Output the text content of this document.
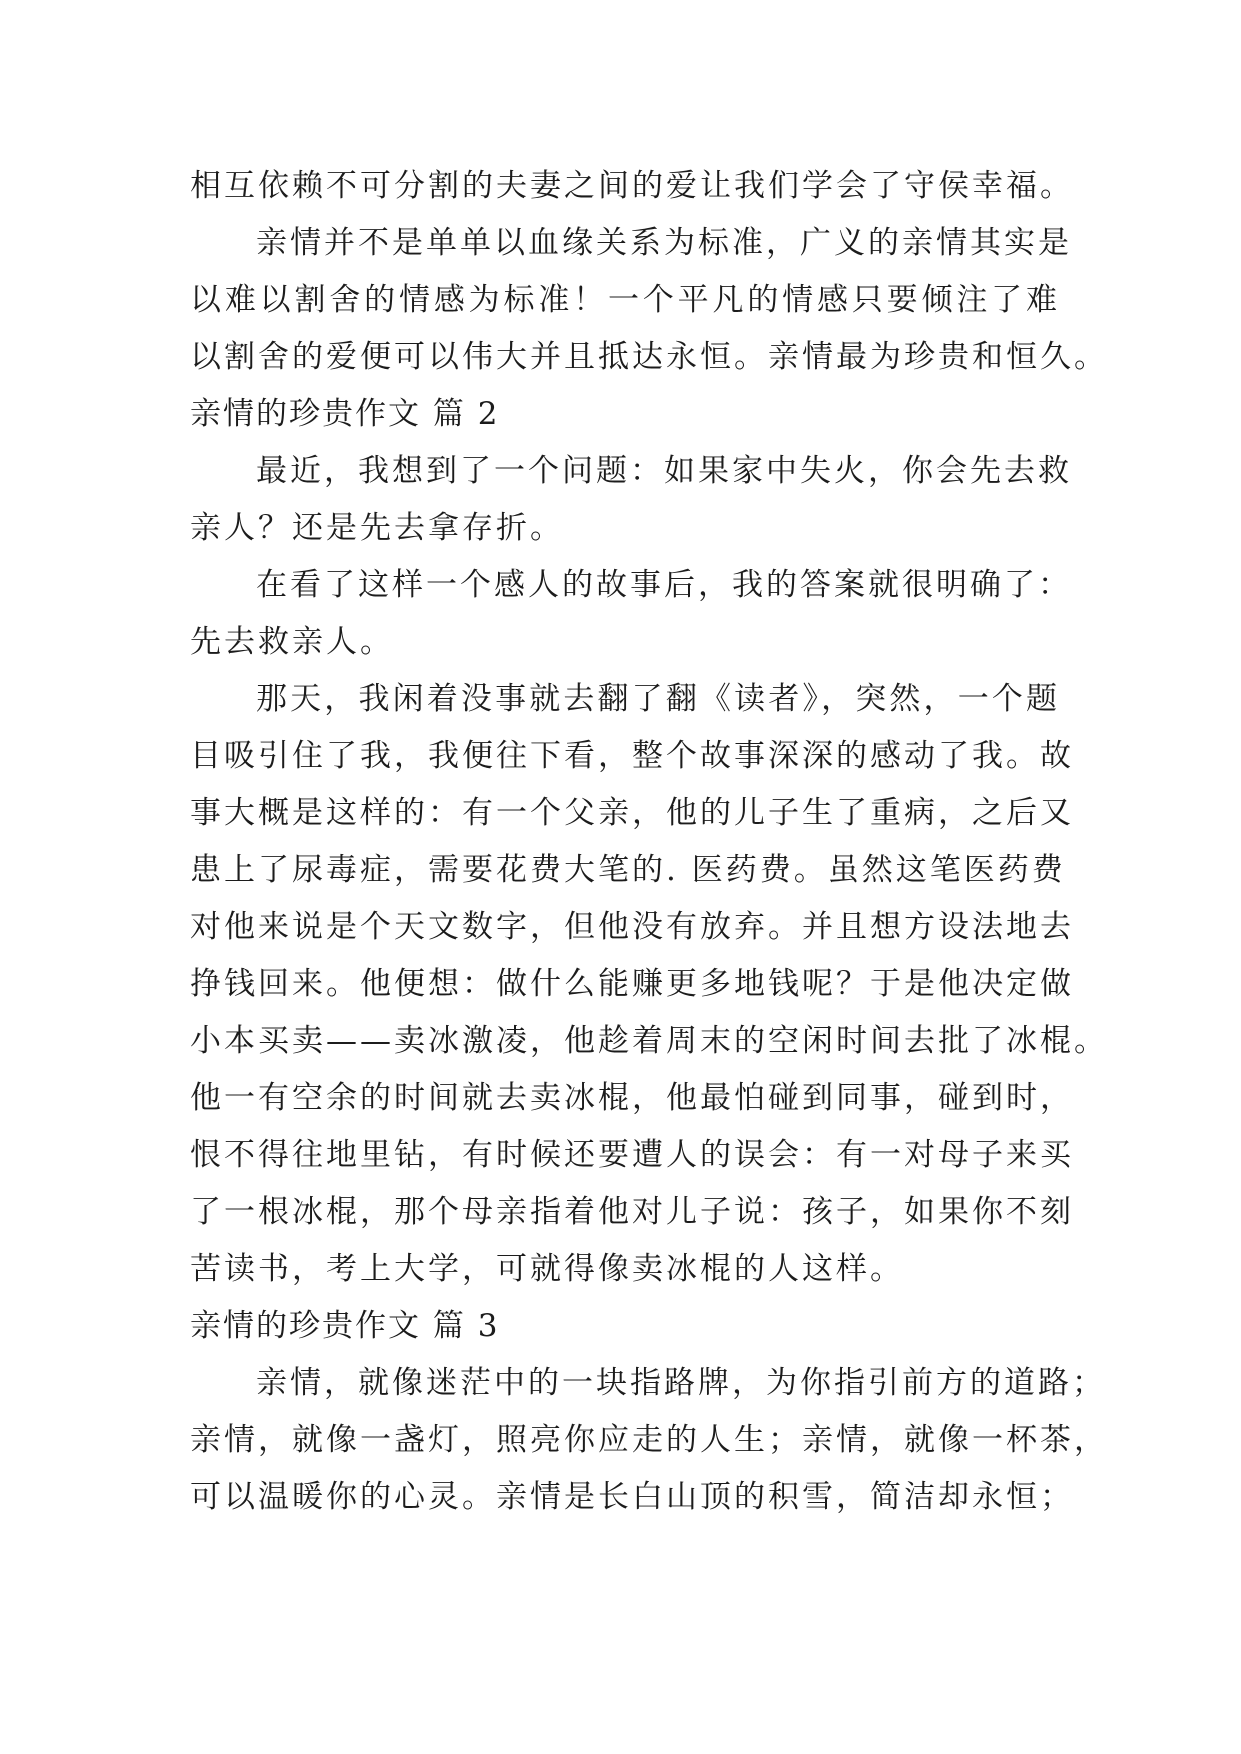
相互依赖不可分割的夫妻之间的爱让我们学会了守侯幸福。
亲情并不是单单以血缘关系为标准，广义的亲情其实是
以难以割舍的情感为标准！一个平凡的情感只要倾注了难
以割舍的爱便可以伟大并且抵达永恒。亲情最为珍贵和恒久。
亲情的珍贵作文 篇 2
最近，我想到了一个问题：如果家中失火，你会先去救
亲人？还是先去拿存折。
在看了这样一个感人的故事后，我的答案就很明确了：
先去救亲人。
那天，我闲着没事就去翻了翻《读者》，突然，一个题
目吸引住了我，我便往下看，整个故事深深的感动了我。故
事大概是这样的：有一个父亲，他的儿子生了重病，之后又
患上了尿毒症，需要花费大笔的. 医药费。虽然这笔医药费
对他来说是个天文数字，但他没有放弃。并且想方设法地去
挣钱回来。他便想：做什么能赚更多地钱呢？于是他决定做
小本买卖——卖冰激凌，他趁着周末的空闲时间去批了冰棍。
他一有空余的时间就去卖冰棍，他最怕碰到同事，碰到时，
恨不得往地里钻，有时候还要遭人的误会：有一对母子来买
了一根冰棍，那个母亲指着他对儿子说：孩子，如果你不刻
苦读书，考上大学，可就得像卖冰棍的人这样。
亲情的珍贵作文 篇 3
亲情，就像迷茫中的一块指路牌，为你指引前方的道路；
亲情，就像一盏灯，照亮你应走的人生；亲情，就像一杯茶，
可以温暖你的心灵。亲情是长白山顶的积雪，简洁却永恒；
